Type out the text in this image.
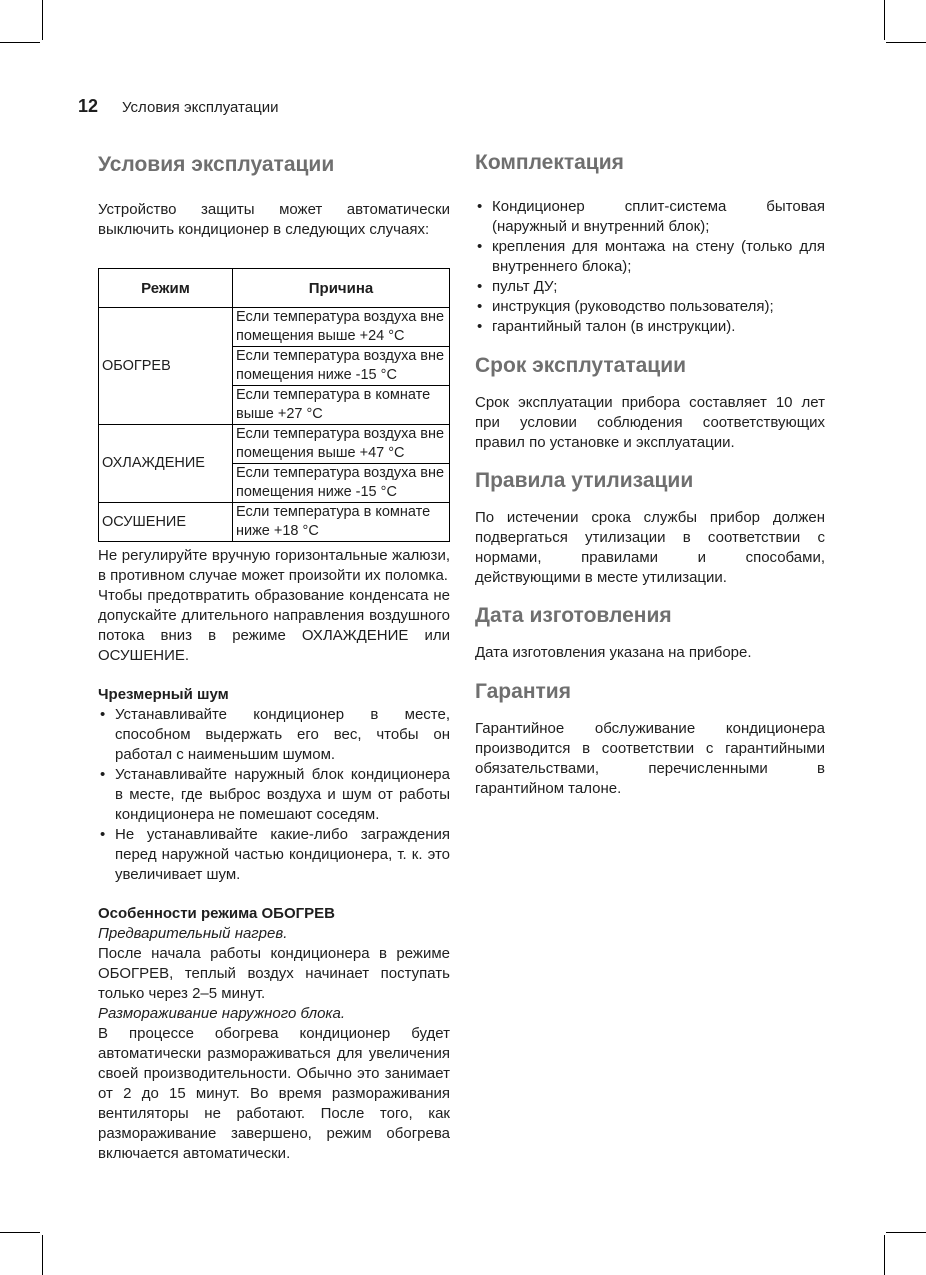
12 Условия эксплуатации
Условия эксплуатации

Устройство защиты может автоматически выключить кондиционер в следующих случаях:

Режим	Причина
ОБОГРЕВ	Если температура воздуха вне помещения выше +24 °C
	Если температура воздуха вне помещения ниже -15 °C
	Если температура в комнате выше +27 °C
ОХЛАЖДЕНИЕ	Если температура воздуха вне помещения выше +47 °C
	Если температура воздуха вне помещения ниже -15 °C
ОСУШЕНИЕ	Если температура в комнате ниже +18 °C

Не регулируйте вручную горизонтальные жалюзи, в противном случае может произойти их поломка.

Чтобы предотвратить образование конденсата не допускайте длительного направления воздушного потока вниз в режиме ОХЛАЖДЕНИЕ или ОСУШЕНИЕ.

Чрезмерный шум
• Устанавливайте кондиционер в месте, способном выдержать его вес, чтобы он работал с наименьшим шумом.
• Устанавливайте наружный блок кондиционера в месте, где выброс воздуха и шум от работы кондиционера не помешают соседям.
• Не устанавливайте какие-либо заграждения перед наружной частью кондиционера, т. к. это увеличивает шум.
Особенности режима ОБОГРЕВ

Предварительный нагрев.

После начала работы кондиционера в режиме ОБОГРЕВ, теплый воздух начинает поступать только через 2–5 минут.

Размораживание наружного блока.

В процессе обогрева кондиционер будет автоматически размораживаться для увеличения своей производительности. Обычно это занимает от 2 до 15 минут. Во время размораживания вентиляторы не работают. После того, как размораживание завершено, режим обогрева включается автоматически.

Комплектация
• Кондиционер сплит-система бытовая (наружный и внутренний блок);
• крепления для монтажа на стену (только для внутреннего блока);
• пульт ДУ;
• инструкция (руководство пользователя);
• гарантийный талон (в инструкции).
Срок эксплутатации

Срок эксплуатации прибора составляет 10 лет при условии соблюдения соответствующих правил по установке и эксплуатации.

Правила утилизации

По истечении срока службы прибор должен подвергаться утилизации в соответствии с нормами, правилами и способами, действующими в месте утилизации.

Дата изготовления

Дата изготовления указана на приборе.

Гарантия

Гарантийное обслуживание кондиционера производится в соответствии с гарантийными обязательствами, перечисленными в гарантийном талоне.
